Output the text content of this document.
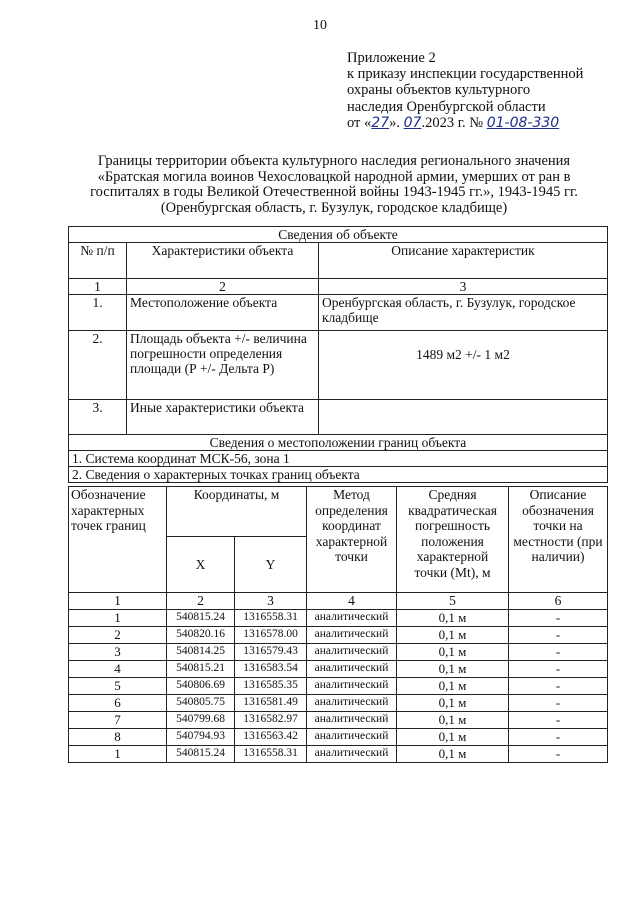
10
Приложение 2
к приказу инспекции государственной
охраны объектов культурного
наследия Оренбургской области
от «27». 07.2023 г. № 01-08-330
Границы территории объекта культурного наследия регионального значения
«Братская могила воинов Чехословацкой народной армии, умерших от ран в
госпиталях в годы Великой Отечественной войны 1943-1945 гг.», 1943-1945 гг.
(Оренбургская область, г. Бузулук, городское кладбище)
Сведения об объекте		
№ п/п	Характеристики объекта	Описание характеристик
1	2	3
1.	Местоположение объекта	Оренбургская область, г. Бузулук, городское кладбище
2.	Площадь объекта +/- величина погрешности определения площади (Р +/- Дельта Р)	1489 м2 +/- 1 м2
3.	Иные характеристики объекта	
Сведения о местоположении границ объекта		
1. Система координат МСК-56, зона 1		
2. Сведения о характерных точках границ объекта		
Обозначение характерных точек границ	Координаты, м		Метод определения координат характерной точки	Средняя квадратическая погрешность положения характерной точки (Mt), м	Описание обозначения точки на местности (при наличии)
	X	Y			
1	2	3	4	5	6
1	540815.24	1316558.31	аналитический	0,1 м	-
2	540820.16	1316578.00	аналитический	0,1 м	-
3	540814.25	1316579.43	аналитический	0,1 м	-
4	540815.21	1316583.54	аналитический	0,1 м	-
5	540806.69	1316585.35	аналитический	0,1 м	-
6	540805.75	1316581.49	аналитический	0,1 м	-
7	540799.68	1316582.97	аналитический	0,1 м	-
8	540794.93	1316563.42	аналитический	0,1 м	-
1	540815.24	1316558.31	аналитический	0,1 м	-
